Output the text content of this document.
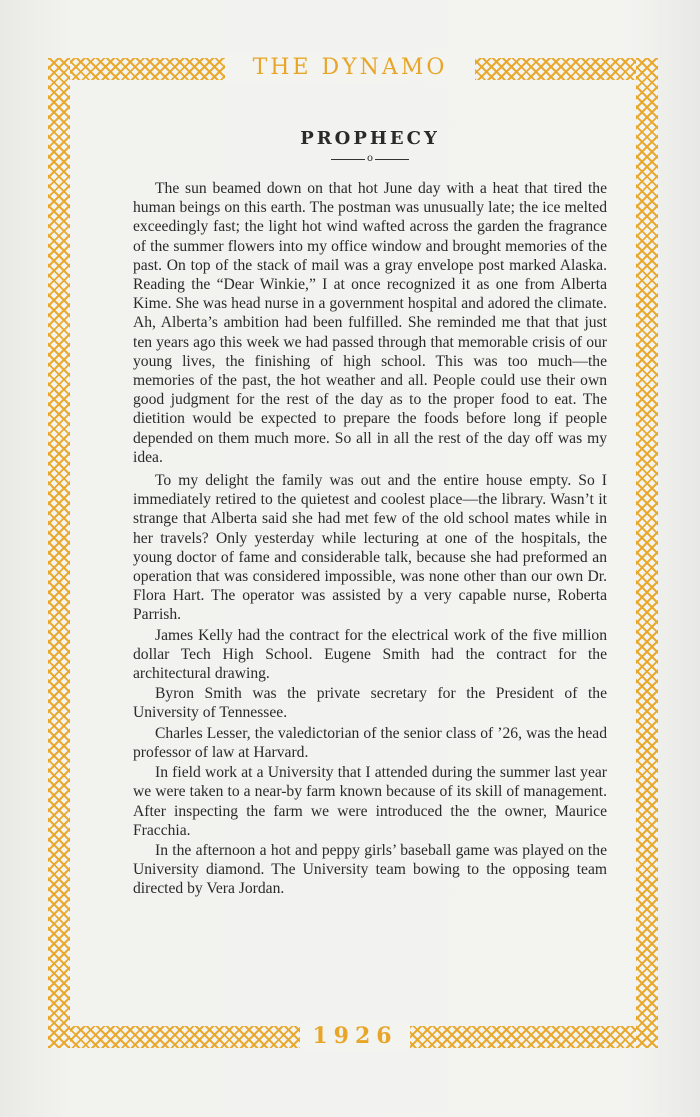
THE DYNAMO
PROPHECY
o

The sun beamed down on that hot June day with a heat that tired the human beings on this earth. The postman was unusually late; the ice melted exceedingly fast; the light hot wind wafted across the garden the fragrance of the summer flowers into my office window and brought memories of the past. On top of the stack of mail was a gray envelope post marked Alaska. Reading the “Dear Winkie,” I at once recognized it as one from Alberta Kime. She was head nurse in a government hospital and adored the climate. Ah, Alberta’s ambition had been fulfilled. She reminded me that that just ten years ago this week we had passed through that memorable crisis of our young lives, the finishing of high school. This was too much—the memories of the past, the hot weather and all. People could use their own good judgment for the rest of the day as to the proper food to eat. The dietition would be expected to prepare the foods before long if people depended on them much more. So all in all the rest of the day off was my idea.

To my delight the family was out and the entire house empty. So I immediately retired to the quietest and coolest place—the library. Wasn’t it strange that Alberta said she had met few of the old school mates while in her travels? Only yesterday while lecturing at one of the hospitals, the young doctor of fame and considerable talk, because she had preformed an operation that was considered impossible, was none other than our own Dr. Flora Hart. The operator was assisted by a very capable nurse, Roberta Parrish.

James Kelly had the contract for the electrical work of the five million dollar Tech High School. Eugene Smith had the contract for the architectural drawing.

Byron Smith was the private secretary for the President of the University of Tennessee.

Charles Lesser, the valedictorian of the senior class of ’26, was the head professor of law at Harvard.

In field work at a University that I attended during the summer last year we were taken to a near-by farm known because of its skill of management. After inspecting the farm we were introduced the the owner, Maurice Fracchia.

In the afternoon a hot and peppy girls’ baseball game was played on the University diamond. The University team bowing to the opposing team directed by Vera Jordan.

1926
